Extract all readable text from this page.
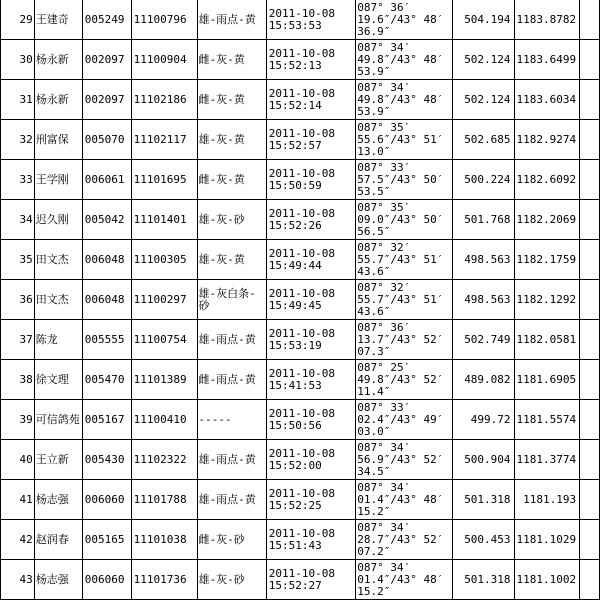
29	王建奇	005249	11100796	雄-雨点-黄	2011-10-08
15:53:53	087° 36′
19.6″/43° 48′
36.9″	504.194	1183.8782	
30	杨永新	002097	11100904	雌-灰-黄	2011-10-08
15:52:13	087° 34′
49.8″/43° 48′
53.9″	502.124	1183.6499	
31	杨永新	002097	11102186	雌-灰-黄	2011-10-08
15:52:14	087° 34′
49.8″/43° 48′
53.9″	502.124	1183.6034	
32	刑富保	005070	11102117	雄-灰-黄	2011-10-08
15:52:57	087° 35′
55.6″/43° 51′
13.0″	502.685	1182.9274	
33	王学刚	006061	11101695	雌-灰-黄	2011-10-08
15:50:59	087° 33′
57.5″/43° 50′
53.5″	500.224	1182.6092	
34	迟久刚	005042	11101401	雄-灰-砂	2011-10-08
15:52:26	087° 35′
09.0″/43° 50′
56.5″	501.768	1182.2069	
35	田文杰	006048	11100305	雄-灰-黄	2011-10-08
15:49:44	087° 32′
55.7″/43° 51′
43.6″	498.563	1182.1759	
36	田文杰	006048	11100297	雄-灰白条-
砂	2011-10-08
15:49:45	087° 32′
55.7″/43° 51′
43.6″	498.563	1182.1292	
37	陈龙	005555	11100754	雄-雨点-黄	2011-10-08
15:53:19	087° 36′
13.7″/43° 52′
07.3″	502.749	1182.0581	
38	徐文理	005470	11101389	雌-雨点-黄	2011-10-08
15:41:53	087° 25′
49.8″/43° 52′
11.4″	489.082	1181.6905	
39	可信鸽苑	005167	11100410	-----	2011-10-08
15:50:56	087° 33′
02.4″/43° 49′
03.0″	499.72	1181.5574	
40	王立新	005430	11102322	雄-雨点-黄	2011-10-08
15:52:00	087° 34′
56.9″/43° 52′
34.5″	500.904	1181.3774	
41	杨志强	006060	11101788	雄-雨点-黄	2011-10-08
15:52:25	087° 34′
01.4″/43° 48′
15.2″	501.318	1181.193	
42	赵润春	005165	11101038	雌-灰-砂	2011-10-08
15:51:43	087° 34′
28.7″/43° 52′
07.2″	500.453	1181.1029	
43	杨志强	006060	11101736	雄-灰-砂	2011-10-08
15:52:27	087° 34′
01.4″/43° 48′
15.2″	501.318	1181.1002	
